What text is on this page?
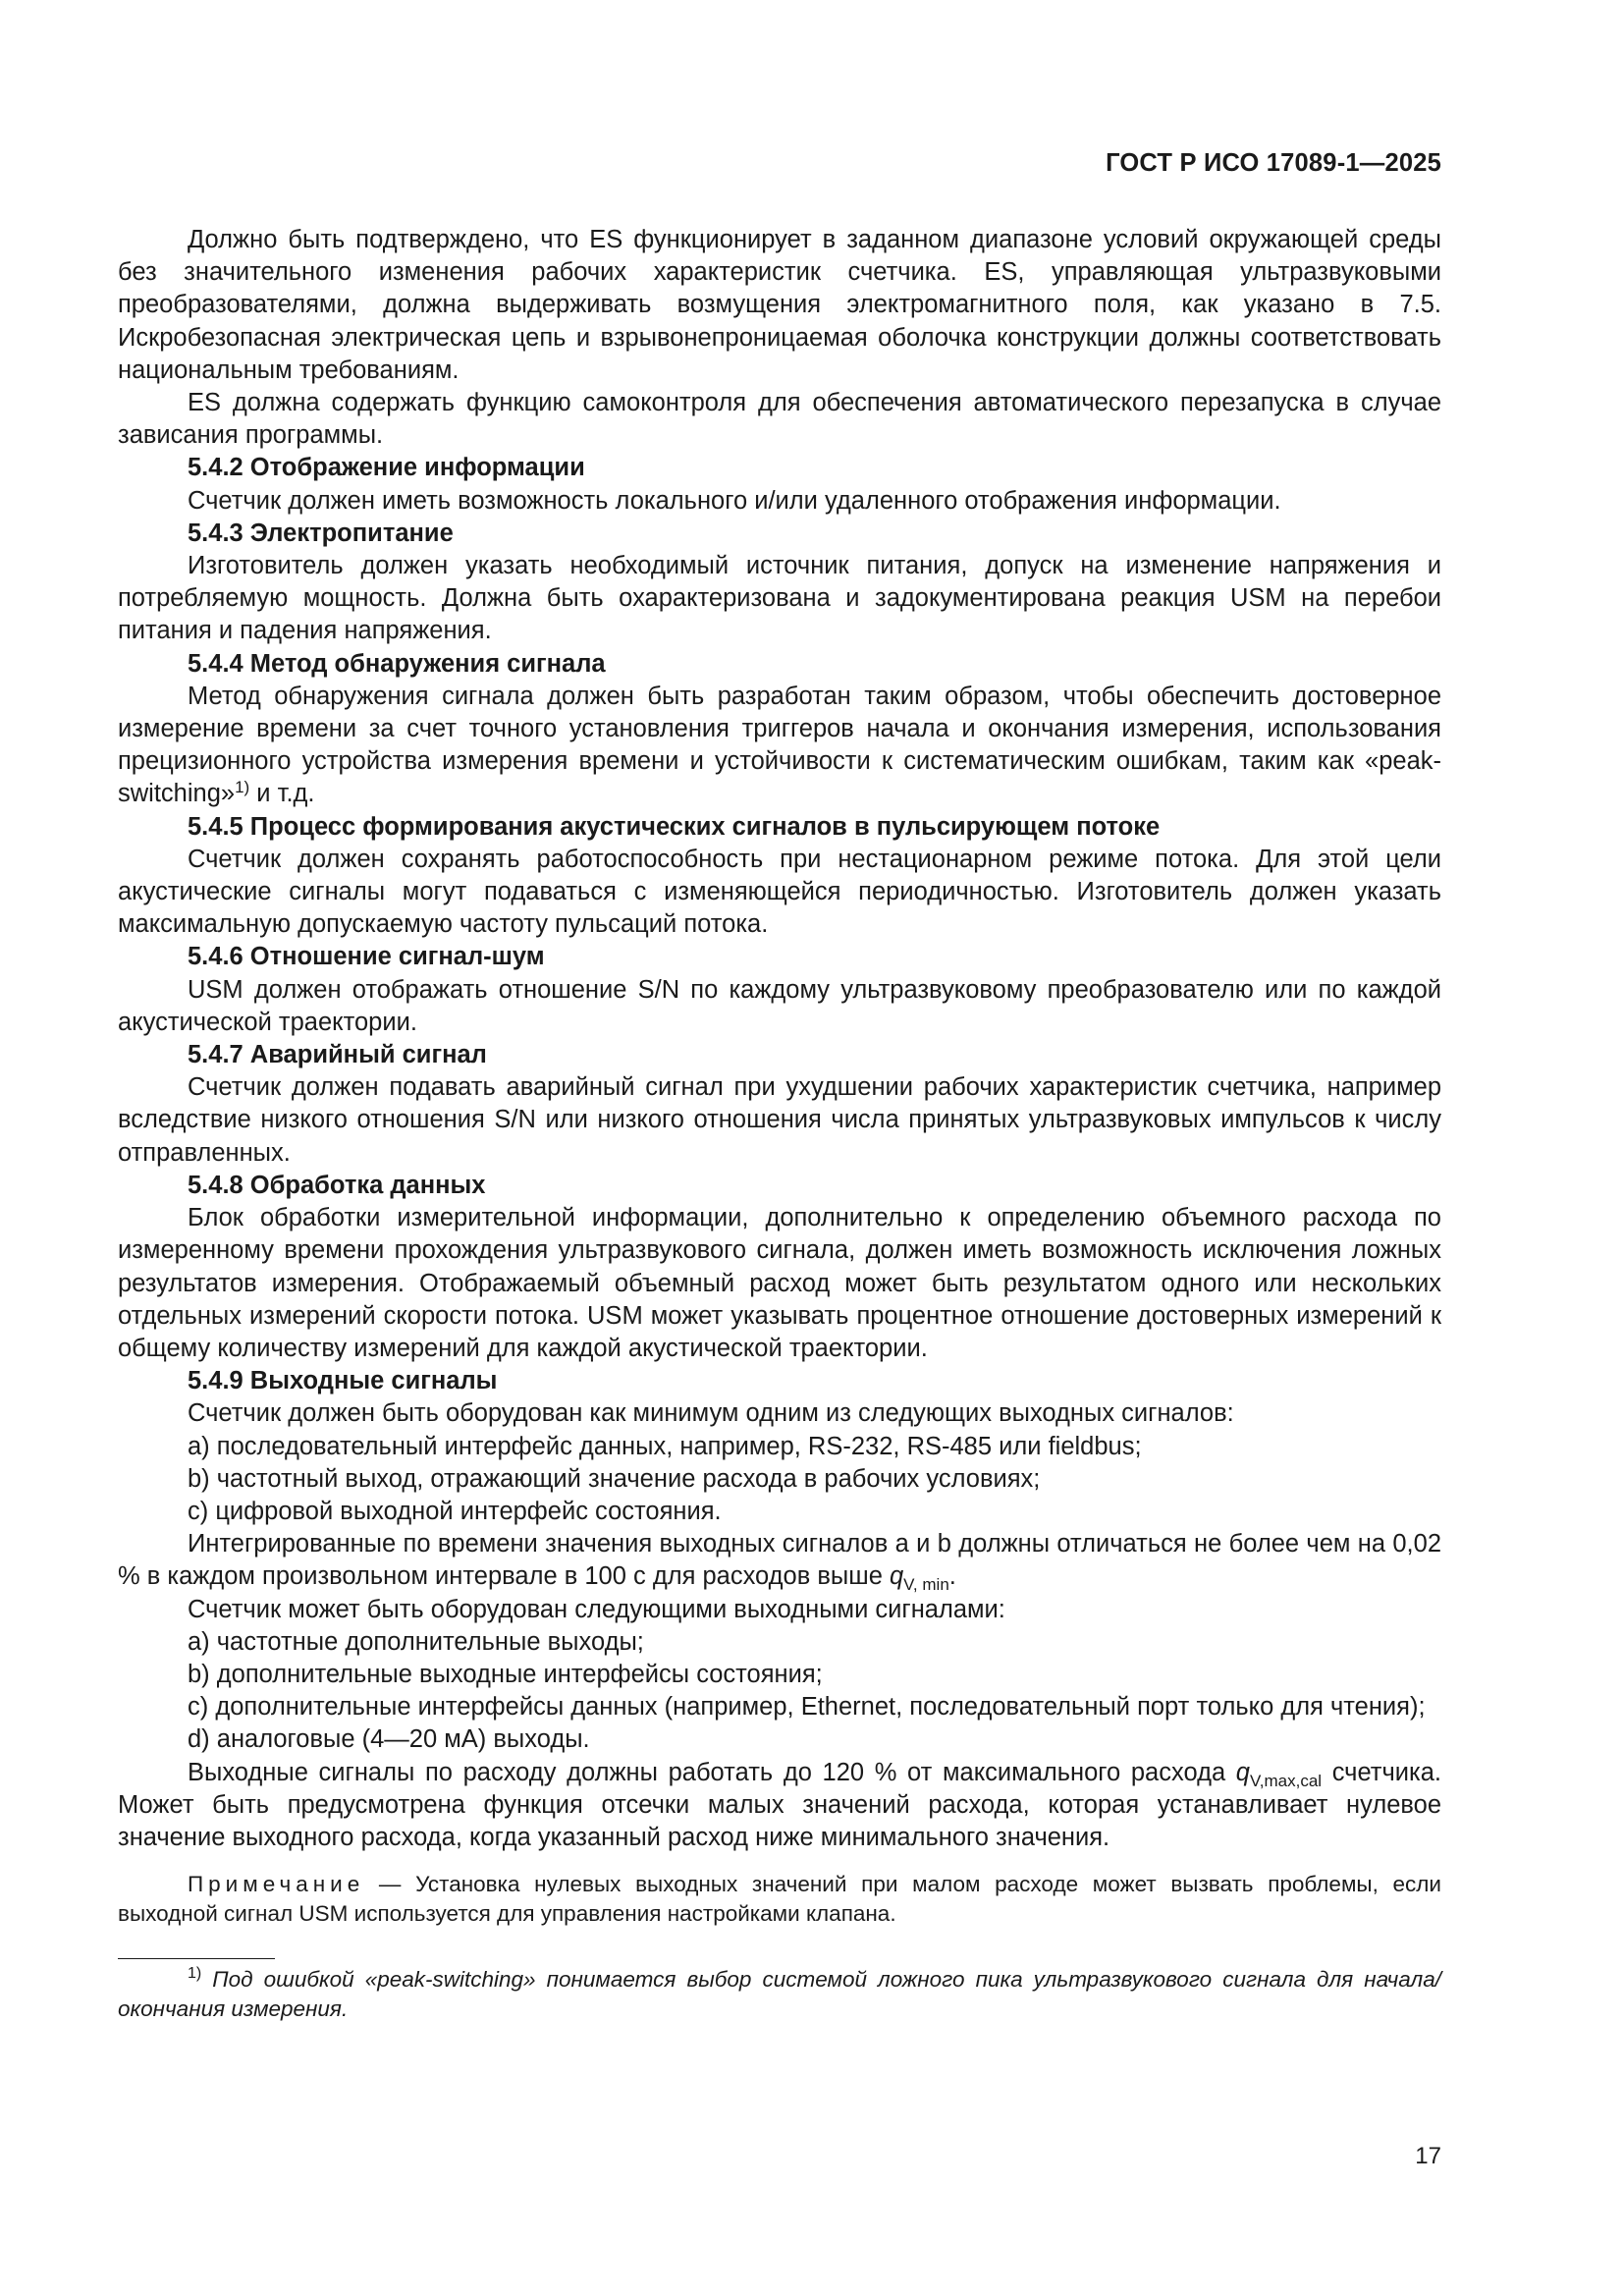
ГОСТ Р ИСО 17089-1—2025

Должно быть подтверждено, что ES функционирует в заданном диапазоне условий окружающей среды без значительного изменения рабочих характеристик счетчика. ES, управляющая ультразвуковыми преобразователями, должна выдерживать возмущения электромагнитного поля, как указано в 7.5. Искробезопасная электрическая цепь и взрывонепроницаемая оболочка конструкции должны соответствовать национальным требованиям.

ES должна содержать функцию самоконтроля для обеспечения автоматического перезапуска в случае зависания программы.

5.4.2 Отображение информации

Счетчик должен иметь возможность локального и/или удаленного отображения информации.

5.4.3 Электропитание

Изготовитель должен указать необходимый источник питания, допуск на изменение напряжения и потребляемую мощность. Должна быть охарактеризована и задокументирована реакция USM на перебои питания и падения напряжения.

5.4.4 Метод обнаружения сигнала

Метод обнаружения сигнала должен быть разработан таким образом, чтобы обеспечить достоверное измерение времени за счет точного установления триггеров начала и окончания измерения, использования прецизионного устройства измерения времени и устойчивости к систематическим ошибкам, таким как «peak-switching»$^{1)}$ и т.д.

5.4.5 Процесс формирования акустических сигналов в пульсирующем потоке

Счетчик должен сохранять работоспособность при нестационарном режиме потока. Для этой цели акустические сигналы могут подаваться с изменяющейся периодичностью. Изготовитель должен указать максимальную допускаемую частоту пульсаций потока.

5.4.6 Отношение сигнал-шум

USM должен отображать отношение S/N по каждому ультразвуковому преобразователю или по каждой акустической траектории.

5.4.7 Аварийный сигнал

Счетчик должен подавать аварийный сигнал при ухудшении рабочих характеристик счетчика, например вследствие низкого отношения S/N или низкого отношения числа принятых ультразвуковых импульсов к числу отправленных.

5.4.8 Обработка данных

Блок обработки измерительной информации, дополнительно к определению объемного расхода по измеренному времени прохождения ультразвукового сигнала, должен иметь возможность исключения ложных результатов измерения. Отображаемый объемный расход может быть результатом одного или нескольких отдельных измерений скорости потока. USM может указывать процентное отношение достоверных измерений к общему количеству измерений для каждой акустической траектории.

5.4.9 Выходные сигналы

Счетчик должен быть оборудован как минимум одним из следующих выходных сигналов:

a) последовательный интерфейс данных, например, RS-232, RS-485 или fieldbus;

b) частотный выход, отражающий значение расхода в рабочих условиях;

c) цифровой выходной интерфейс состояния.

Интегрированные по времени значения выходных сигналов a и b должны отличаться не более чем на 0,02 % в каждом произвольном интервале в 100 с для расходов выше $q_{V, min}$.

Счетчик может быть оборудован следующими выходными сигналами:

a) частотные дополнительные выходы;

b) дополнительные выходные интерфейсы состояния;

c) дополнительные интерфейсы данных (например, Ethernet, последовательный порт только для чтения);

d) аналоговые (4—20 мА) выходы.

Выходные сигналы по расходу должны работать до 120 % от максимального расхода $q_{V,max,cal}$ счетчика. Может быть предусмотрена функция отсечки малых значений расхода, которая устанавливает нулевое значение выходного расхода, когда указанный расход ниже минимального значения.

Примечание — Установка нулевых выходных значений при малом расходе может вызвать проблемы, если выходной сигнал USM используется для управления настройками клапана.

$^{1)}$ Под ошибкой «peak-switching» понимается выбор системой ложного пика ультразвукового сигнала для начала/окончания измерения.

17
